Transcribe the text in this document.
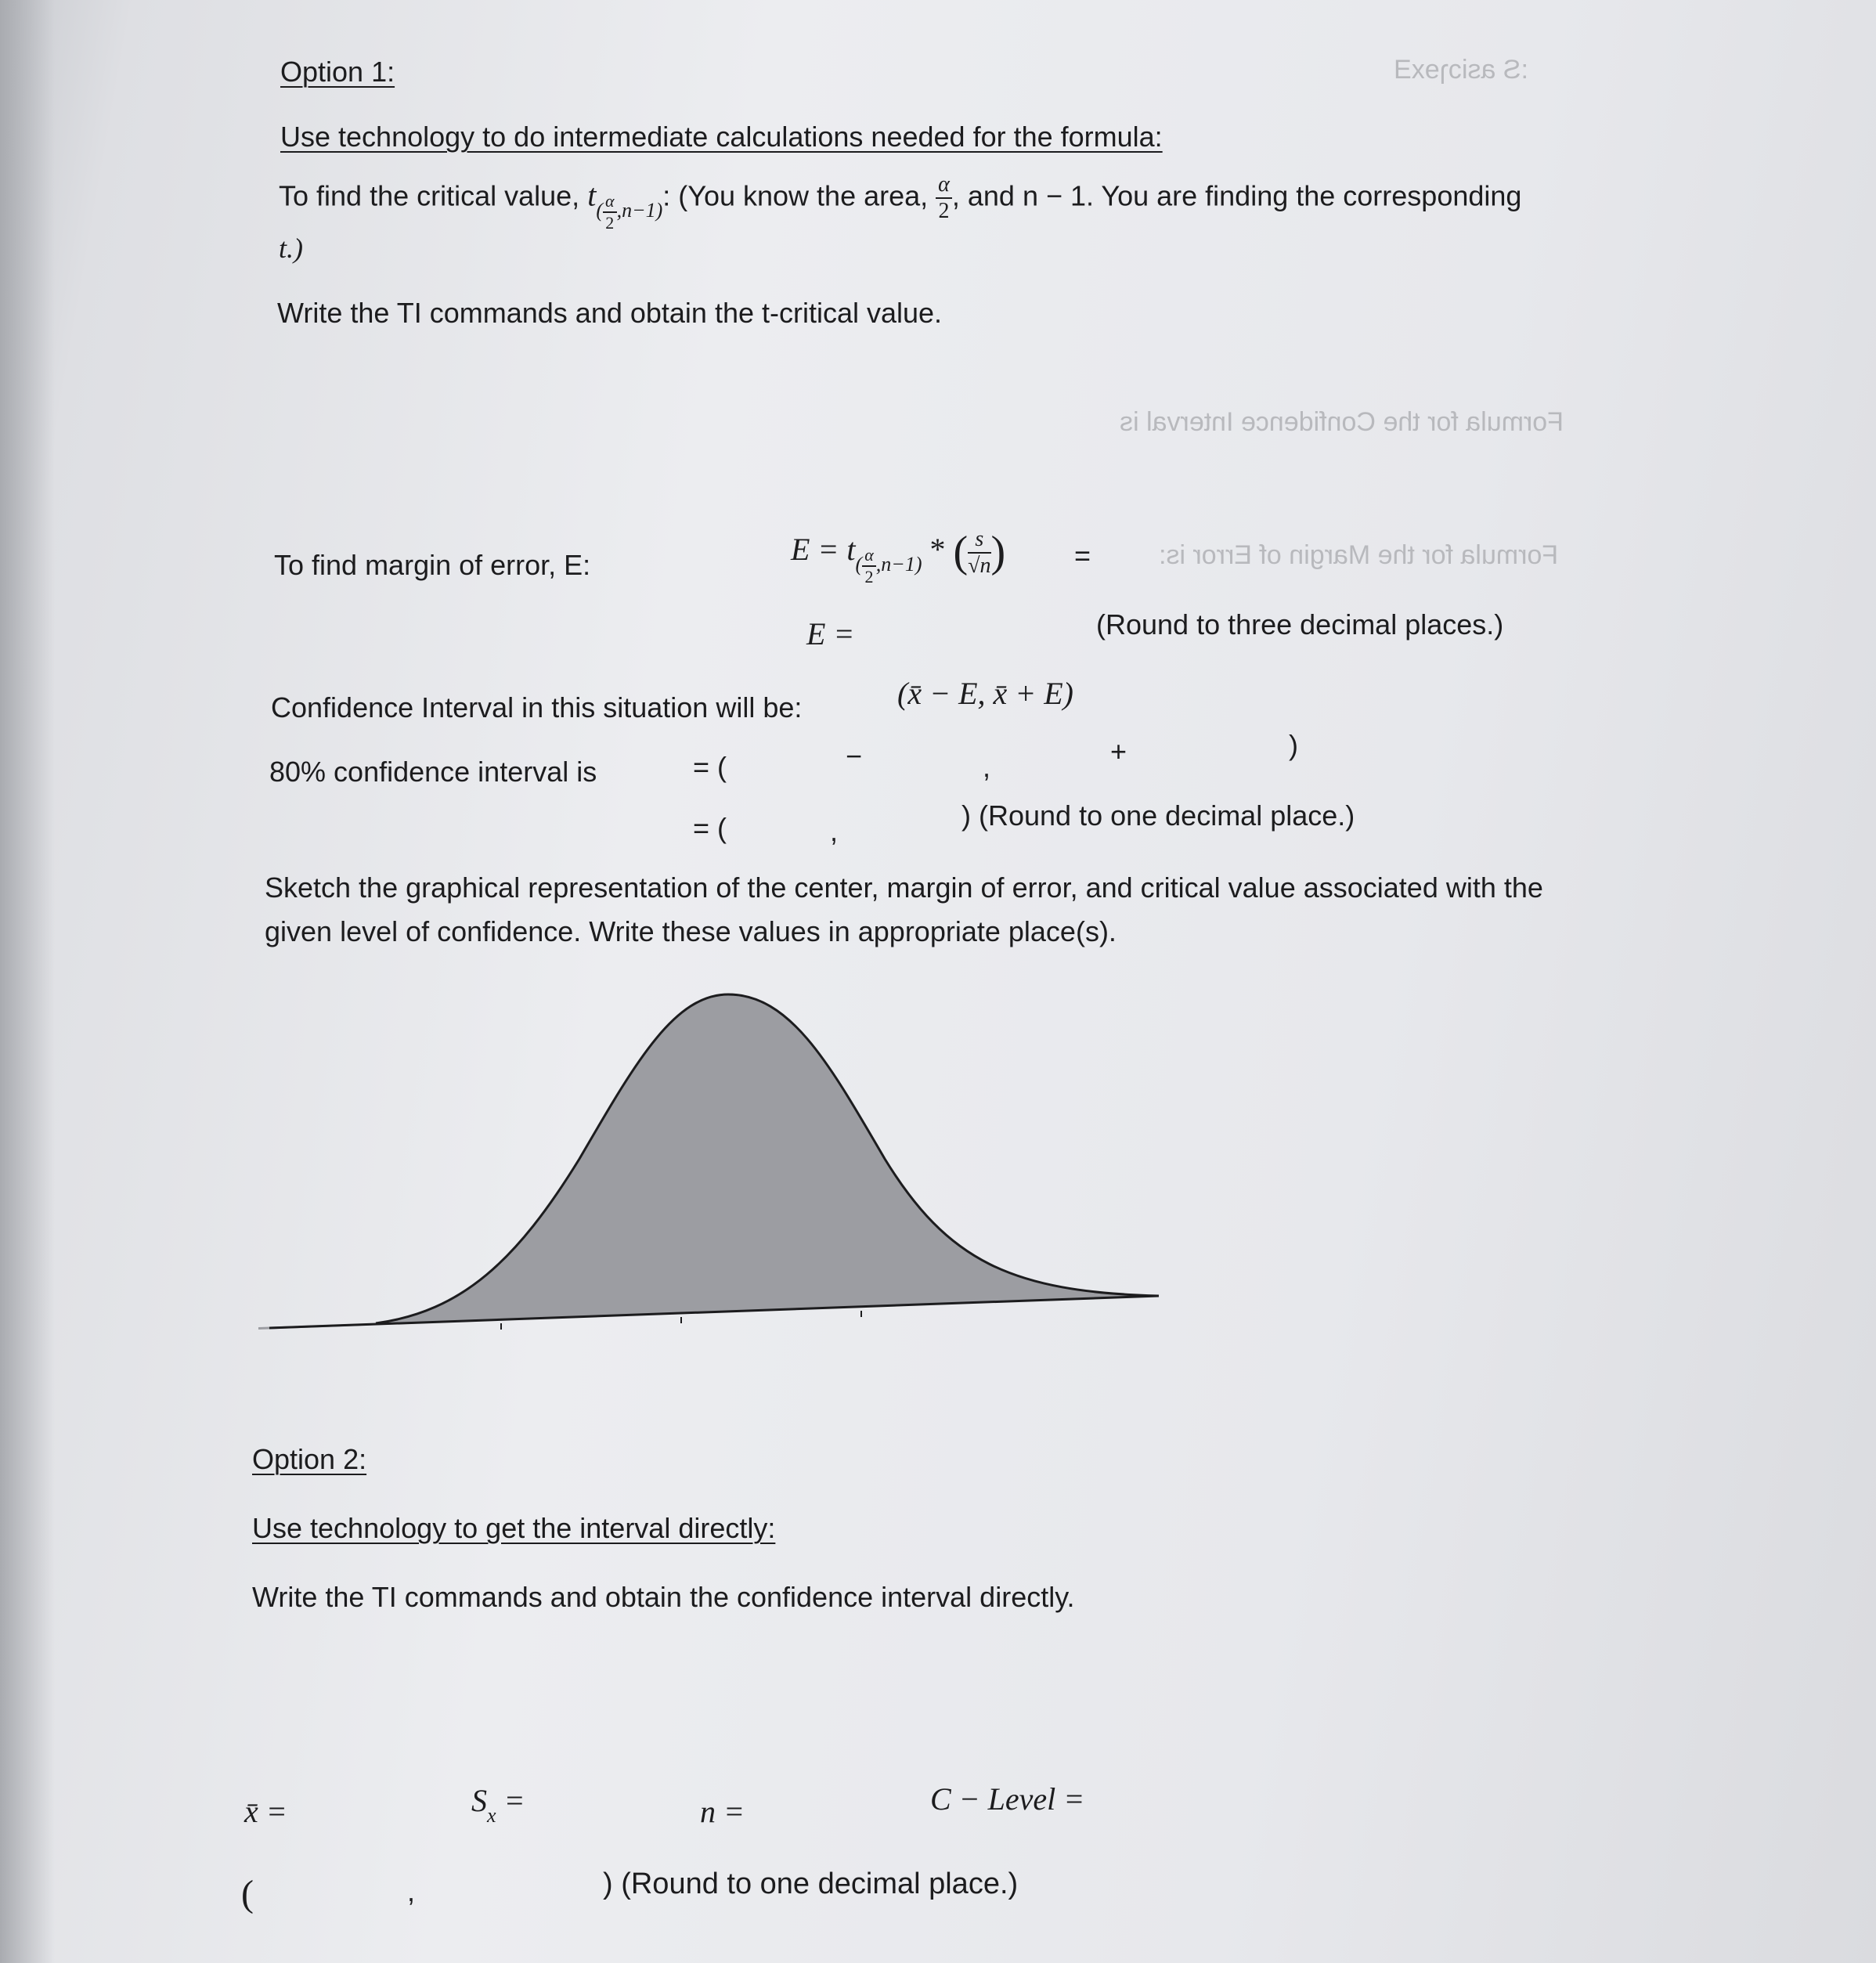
:S asiɔɿɘxƎ
Formula for the Confidence Interval is
Formula for the Margin of Error is:
Option 1:
Use technology to do intermediate calculations needed for the formula:
To find the critical value, $t_{( \frac{\alpha}{2} ,n-1)}$: (You know the area, $\frac{\alpha}{2}$ , and n − 1. You are finding the corresponding
t.)
Write the TI commands and obtain the t-critical value.
To find margin of error, E:	$E = t_{( \frac{\alpha}{2} ,n-1)}$ * ( $\frac{s}{√n}$ ) =
E =	(Round to three decimal places.)
Confidence Interval in this situation will be:	(x̄ − E, x̄ + E)
80% confidence interval is	= (	−	,	+	)
= (	,	) (Round to one decimal place.)
Sketch the graphical representation of the center, margin of error, and critical value associated with the
given level of confidence. Write these values in appropriate place(s).
Option 2:
Use technology to get the interval directly:
Write the TI commands and obtain the confidence interval directly.
x̄ =	$S_x$ =	n =	C − Level =
(	,	) (Round to one decimal place.)
